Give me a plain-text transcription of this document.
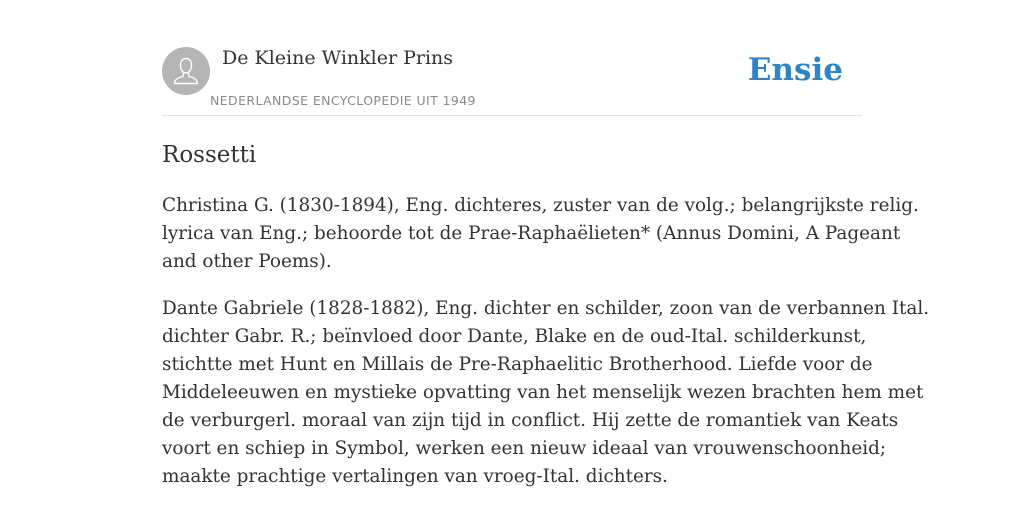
De Kleine Winkler Prins
NEDERLANDSE ENCYCLOPEDIE UIT 1949
Ensie
Rossetti

Christina G. (1830-1894), Eng. dichteres, zuster van de volg.; belangrijkste relig.
lyrica van Eng.; behoorde tot de Prae-Raphaëlieten* (Annus Domini, A Pageant
and other Poems).

Dante Gabriele (1828-1882), Eng. dichter en schilder, zoon van de verbannen Ital.
dichter Gabr. R.; beïnvloed door Dante, Blake en de oud-Ital. schilderkunst,
stichtte met Hunt en Millais de Pre-Raphaelitic Brotherhood. Liefde voor de
Middeleeuwen en mystieke opvatting van het menselijk wezen brachten hem met
de verburgerl. moraal van zijn tijd in conflict. Hij zette de romantiek van Keats
voort en schiep in Symbol, werken een nieuw ideaal van vrouwenschoonheid;
maakte prachtige vertalingen van vroeg-Ital. dichters.
